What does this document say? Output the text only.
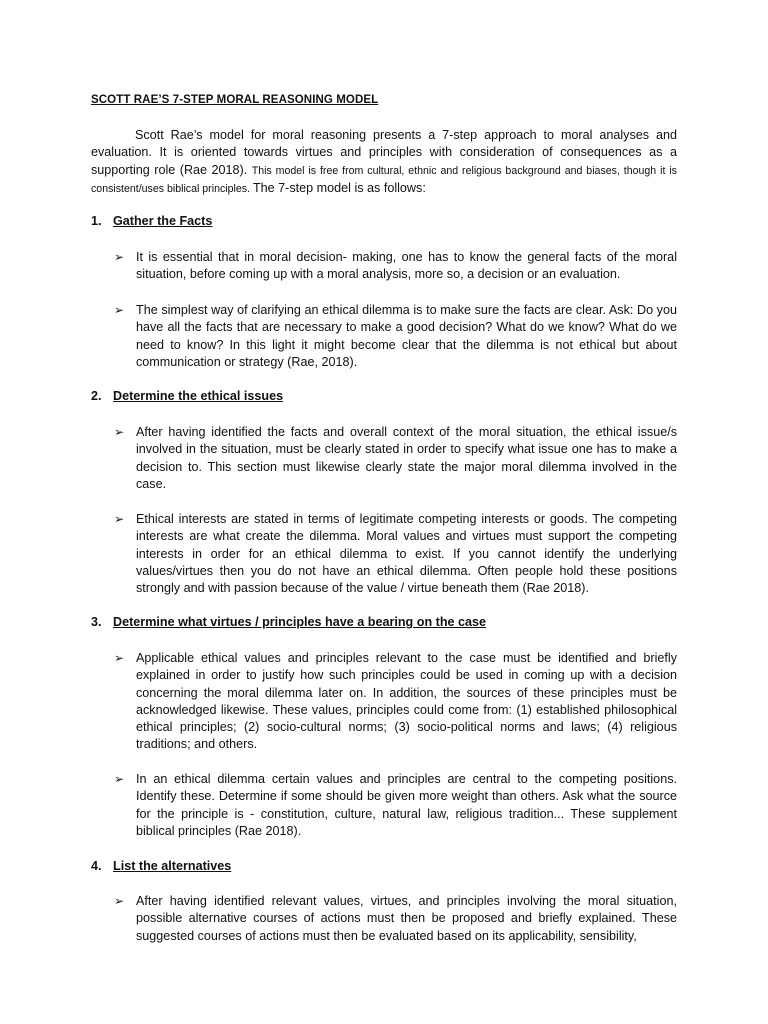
SCOTT RAE’S 7-STEP MORAL REASONING MODEL

Scott Rae’s model for moral reasoning presents a 7-step approach to moral analyses and evaluation. It is oriented towards virtues and principles with consideration of consequences as a supporting role (Rae 2018). This model is free from cultural, ethnic and religious background and biases, though it is consistent/uses biblical principles. The 7-step model is as follows:

1. Gather the Facts
➢ It is essential that in moral decision- making, one has to know the general facts of the moral situation, before coming up with a moral analysis, more so, a decision or an evaluation.

➢ The simplest way of clarifying an ethical dilemma is to make sure the facts are clear. Ask: Do you have all the facts that are necessary to make a good decision? What do we know? What do we need to know? In this light it might become clear that the dilemma is not ethical but about communication or strategy (Rae, 2018).

2. Determine the ethical issues
➢ After having identified the facts and overall context of the moral situation, the ethical issue/s involved in the situation, must be clearly stated in order to specify what issue one has to make a decision to. This section must likewise clearly state the major moral dilemma involved in the case.

➢ Ethical interests are stated in terms of legitimate competing interests or goods. The competing interests are what create the dilemma. Moral values and virtues must support the competing interests in order for an ethical dilemma to exist. If you cannot identify the underlying values/virtues then you do not have an ethical dilemma. Often people hold these positions strongly and with passion because of the value / virtue beneath them (Rae 2018).

3. Determine what virtues / principles have a bearing on the case
➢ Applicable ethical values and principles relevant to the case must be identified and briefly explained in order to justify how such principles could be used in coming up with a decision concerning the moral dilemma later on. In addition, the sources of these principles must be acknowledged likewise. These values, principles could come from: (1) established philosophical ethical principles; (2) socio-cultural norms; (3) socio-political norms and laws; (4) religious traditions; and others.

➢ In an ethical dilemma certain values and principles are central to the competing positions. Identify these. Determine if some should be given more weight than others. Ask what the source for the principle is - constitution, culture, natural law, religious tradition... These supplement biblical principles (Rae 2018).

4. List the alternatives
➢ After having identified relevant values, virtues, and principles involving the moral situation, possible alternative courses of actions must then be proposed and briefly explained. These suggested courses of actions must then be evaluated based on its applicability, sensibility,
